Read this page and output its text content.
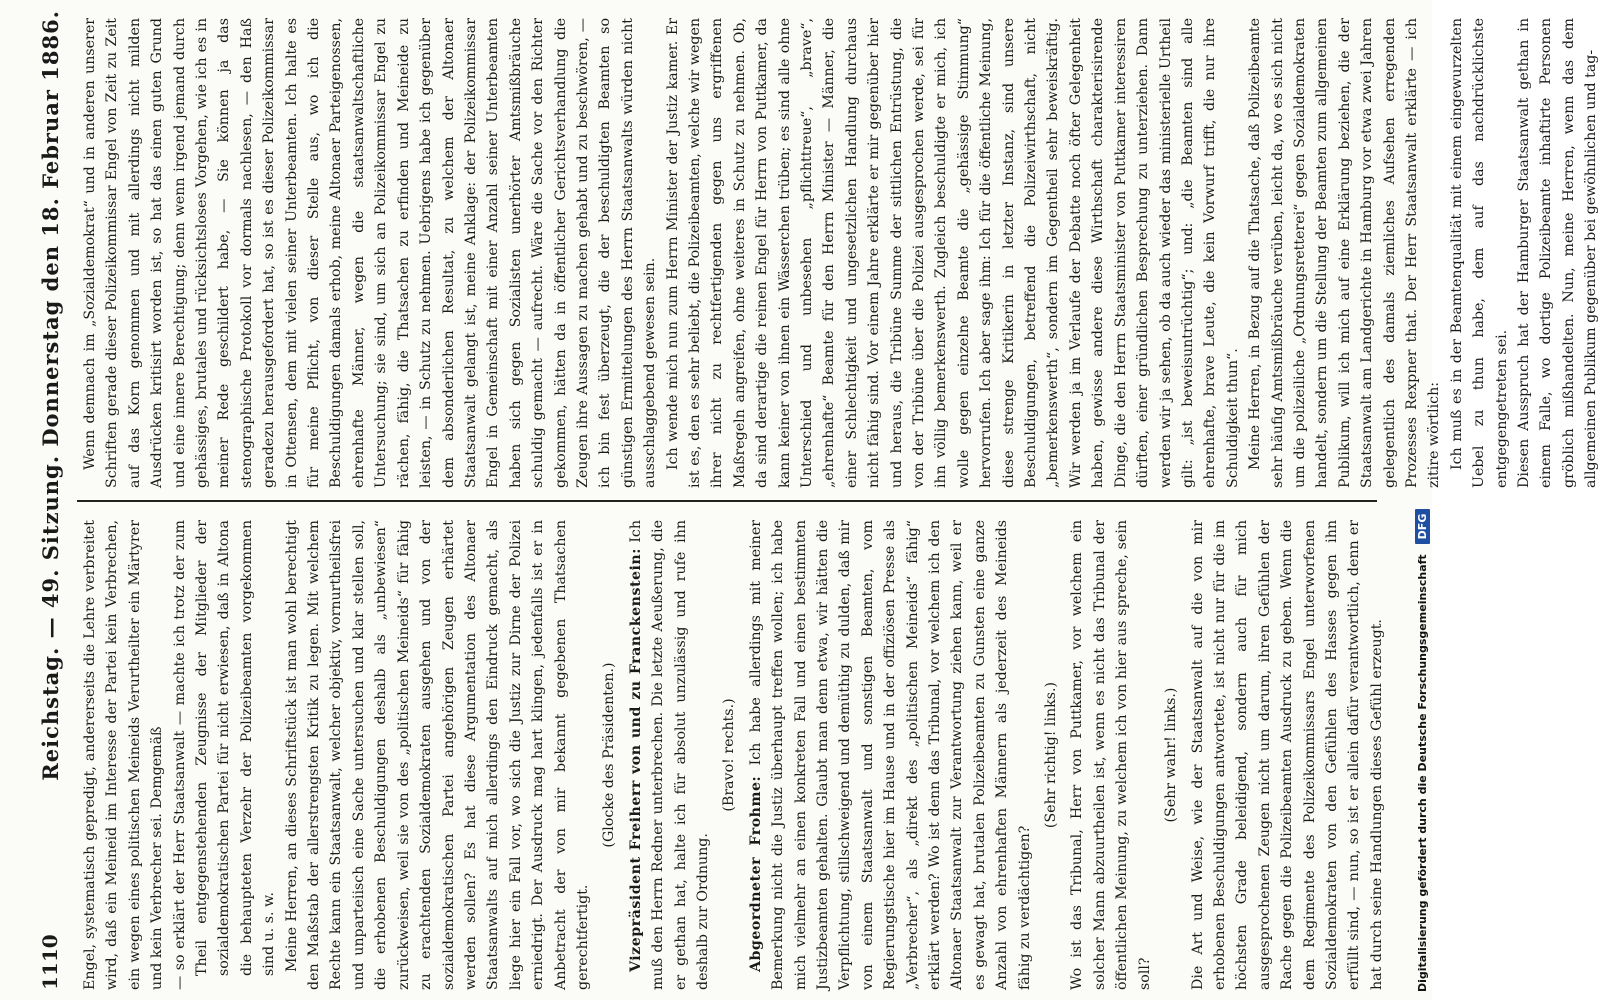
1110
Reichstag. — 49. Sitzung. Donnerstag den 18. Februar 1886. Engel, systematisch gepredigt, andererseits die Lehre verbreitet wird, daß ein Meineid im Interesse der Partei kein Verbrechen, ein wegen eines politischen Meineids Verurtheilter ein Märtyrer und kein Verbrecher sei. Demgemäß — so erklärt der Herr Staatsanwalt — machte ich trotz der zum Theil entgegenstehenden Zeugnisse der Mitglieder der sozialdemokratischen Partei für nicht erwiesen, daß in Altona die behaupteten Verzehr der Polizeibeamten vorgekommen sind u. s. w. Meine Herren, an dieses Schriftstück ist man wohl berechtigt den Maßstab der allerstrengsten Kritik zu legen. Mit welchem Rechte kann ein Staatsanwalt, welcher objektiv, vornurtheilsfrei und unparteiisch eine Sache untersuchen und klar stellen soll, die erhobenen Beschuldigungen deshalb als „unbewiesen“ zurückweisen, weil sie von des „politischen Meineids“ für fähig zu erachtenden Sozialdemokraten ausgehen und von der sozialdemokratischen Partei angehörigen Zeugen erhärtet werden sollen? Es hat diese Argumentation des Altonaer Staatsanwalts auf mich allerdings den Eindruck gemacht, als liege hier ein Fall vor, wo sich die Justiz zur Dirne der Polizei erniedrigt. Der Ausdruck mag hart klingen, jedenfalls ist er in Anbetracht der von mir bekannt gegebenen Thatsachen gerechtfertigt.

(Glocke des Präsidenten.) Vizepräsident Freiherr von und zu Franckenstein: Ich muß den Herrn Redner unterbrechen. Die letzte Aeußerung, die er gethan hat, halte ich für absolut unzulässig und rufe ihn deshalb zur Ordnung.

(Bravo! rechts.)

Abgeordneter Frohme: Ich habe allerdings mit meiner Bemerkung nicht die Justiz überhaupt treffen wollen; ich habe mich vielmehr an einen konkreten Fall und einen bestimmten Justizbeamten gehalten. Glaubt man denn etwa, wir hätten die Verpflichtung, stillschweigend und demüthig zu dulden, daß mir von einem Staatsanwalt und sonstigen Beamten, vom Regierungstische hier im Hause und in der offiziösen Presse als „Verbrecher“, als „direkt des „politischen Meineids“ fähig“ erklärt werden? Wo ist denn das Tribunal, vor welchem ich den Altonaer Staatsanwalt zur Verantwortung ziehen kann, weil er es gewagt hat, brutalen Polizeibeamten zu Gunsten eine ganze Anzahl von ehrenhaften Männern als jederzeit des Meineids fähig zu verdächtigen?

(Sehr richtig! links.) Wo ist das Tribunal, Herr von Puttkamer, vor welchem ein solcher Mann abzuurtheilen ist, wenn es nicht das Tribunal der öffentlichen Meinung, zu welchem ich von hier aus spreche, sein soll?

(Sehr wahr! links.) Die Art und Weise, wie der Staatsanwalt auf die von mir erhobenen Beschuldigungen antwortete, ist nicht nur für die im höchsten Grade beleidigend, sondern auch für mich ausgesprochenen Zeugen nicht um darum, ihren Gefühlen der Rache gegen die Polizeibeamten Ausdruck zu geben. Wenn die dem Regimente des Polizeikommissars Engel unterworfenen Sozialdemokraten von den Gefühlen des Hasses gegen ihn erfüllt sind, — nun, so ist er allein dafür verantwortlich, denn er hat durch seine Handlungen dieses Gefühl erzeugt.

Wenn demnach im „Sozialdemokrat“ und in anderen unserer Schriften gerade dieser Polizeikommissar Engel von Zeit zu Zeit auf das Korn genommen und mit allerdings nicht milden Ausdrücken kritisirt worden ist, so hat das einen guten Grund und eine innere Berechtigung; denn wenn irgend jemand durch gehässiges, brutales und rücksichtsloses Vorgehen, wie ich es in meiner Rede geschildert habe, — Sie können ja das stenographische Protokoll vor dormals nachlesen, — den Haß geradezu herausgefordert hat, so ist es dieser Polizeikommissar in Ottensen, dem mit vielen seiner Unterbeamten. Ich halte es für meine Pflicht, von dieser Stelle aus, wo ich die Beschuldigungen damals erhob, meine Altonaer Parteigenossen, ehrenhafte Männer, wegen die staatsanwaltschaftliche Untersuchung; sie sind, um sich an Polizeikommissar Engel zu rächen, fähig, die Thatsachen zu erfinden und Meineide zu leisten, — in Schutz zu nehmen. Uebrigens habe ich gegenüber dem absonderlichen Resultat, zu welchem der Altonaer Staatsanwalt gelangt ist, meine Anklage: der Polizeikommissar Engel in Gemeinschaft mit einer Anzahl seiner Unterbeamten haben sich gegen Sozialisten unerhörter Amtsmißbräuche schuldig gemacht — aufrecht. Wäre die Sache vor den Richter gekommen, hätten da in öffentlicher Gerichtsverhandlung die Zeugen ihre Aussagen zu machen gehabt und zu beschwören, — ich bin fest überzeugt, die der beschuldigten Beamten so günstigen Ermittelungen des Herrn Staatsanwalts würden nicht ausschlaggebend gewesen sein. Ich wende mich nun zum Herrn Minister der Justiz kamer. Er ist es, den es sehr beliebt, die Polizeibeamten, welche wir wegen ihrer nicht zu rechtfertigenden gegen uns ergriffenen Maßregeln angreifen, ohne weiteres in Schutz zu nehmen. Ob, da sind derartige die reinen Engel für Herrn von Puttkamer, da kann keiner von ihnen ein Wässerchen trüben; es sind alle ohne Unterschied und unbesehen „pflichttreue“, „brave“, „ehrenhafte“ Beamte für den Herrn Minister — Männer, die einer Schlechtigkeit und ungesetzlichen Handlung durchaus nicht fähig sind. Vor einem Jahre erklärte er mir gegenüber hier und heraus, die Tribüne Summe der sittlichen Entrüstung, die von der Tribüne über die Polizei ausgesprochen werde, sei für ihn völlig bemerkenswerth. Zugleich beschuldigte er mich, ich wolle gegen einzelne Beamte die „gehässige Stimmung“ hervorrufen. Ich aber sage ihm: Ich für die öffentliche Meinung, diese strenge Kritikerin in letzter Instanz, sind unsere Beschuldigungen, betreffend die Polizeiwirthschaft, nicht „bemerkenswerth“, sondern im Gegentheil sehr beweiskräftig. Wir werden ja im Verlaufe der Debatte noch öfter Gelegenheit haben, gewisse andere diese Wirthschaft charakterisirende Dinge, die den Herrn Staatsminister von Puttkamer interessiren dürften, einer gründlichen Besprechung zu unterziehen. Dann werden wir ja sehen, ob da auch wieder das ministerielle Urtheil gilt: „ist beweisuntrüchtig“; und: „die Beamten sind alle ehrenhafte, brave Leute, die kein Vorwurf trifft, die nur ihre Schuldigkeit thun“. Meine Herren, in Bezug auf die Thatsache, daß Polizeibeamte sehr häufig Amtsmißbräuche verüben, leicht da, wo es sich nicht um die polizeiliche „Ordnungsretterei“ gegen Sozialdemokraten handelt, sondern um die Stellung der Beamten zum allgemeinen Publikum, will ich mich auf eine Erklärung beziehen, die der Staatsanwalt am Landgerichte in Hamburg vor etwa zwei Jahren gelegentlich des damals ziemliches Aufsehen erregenden Prozesses Rexpner that. Der Herr Staatsanwalt erklärte — ich zitire wörtlich: Ich muß es in der Beamtenqualität mit einem eingewurzelten Uebel zu thun habe, dem auf das nachdrücklichste entgegengetreten sei. Diesen Ausspruch hat der Hamburger Staatsanwalt gethan in einem Falle, wo dortige Polizeibeamte inhaftirte Personen gröblich mißhandelten. Nun, meine Herren, wenn das dem allgemeinen Publikum gegenüber bei gewöhnlichen und tag-

Digitalisierung gefördert durch die Deutsche Forschungsgemeinschaft
DFG
